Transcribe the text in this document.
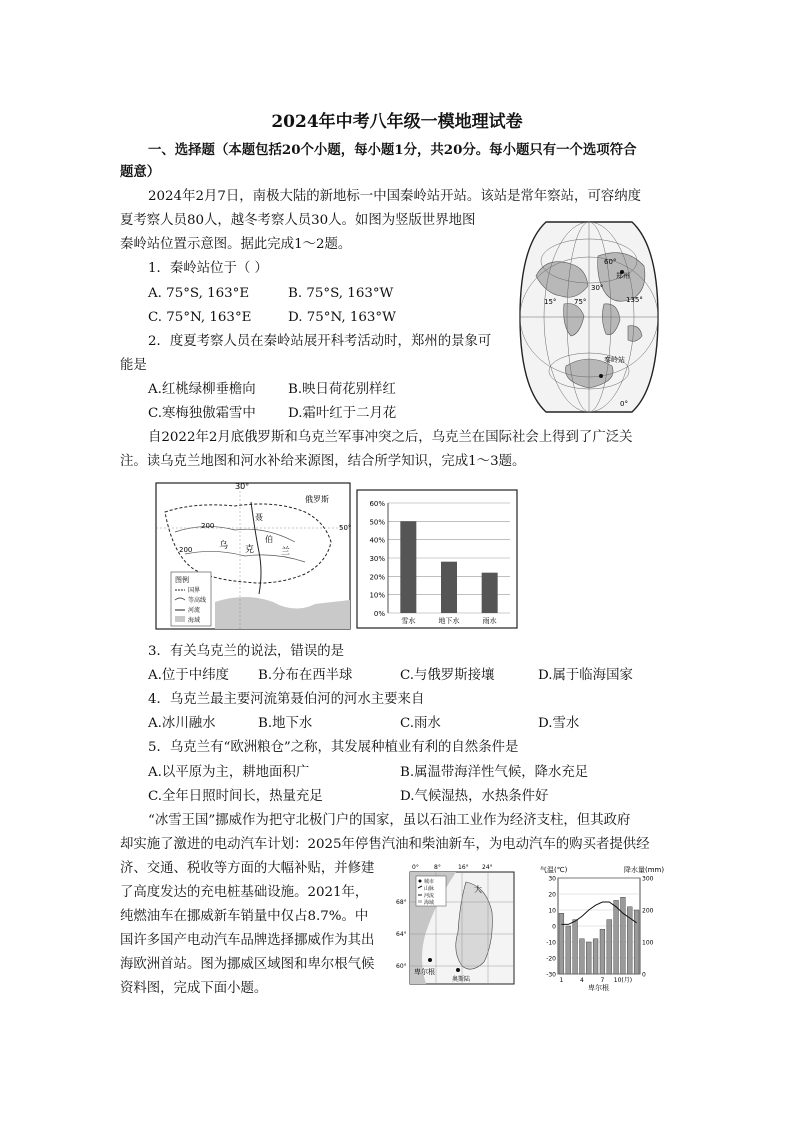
2024年中考八年级一模地理试卷
一、选择题（本题包括20个小题，每小题1分，共20分。每小题只有一个选项符合
题意）
2024年2月7日，南极大陆的新地标一中国秦岭站开站。该站是常年察站，可容纳度
夏考察人员80人，越冬考察人员30人。如图为竖版世界地图
秦岭站位置示意图。据此完成1～2题。
1．秦岭站位于（ ）
A. 75°S, 163°E	B. 75°S, 163°W
C. 75°N, 163°E	D. 75°N, 163°W
2．度夏考察人员在秦岭站展开科考活动时，郑州的景象可
能是
A.红桃绿柳垂檐向 B.映日荷花别样红
C.寒梅独傲霜雪中 D.霜叶红于二月花
60°
郑州
30°
15°	75°	135°
秦岭站
0°
自2022年2月底俄罗斯和乌克兰军事冲突之后，乌克兰在国际社会上得到了广泛关
注。读乌克兰地图和河水补给来源图，结合所学知识，完成1～3题。
30°
俄罗斯
50°
200
乌 克	兰
200
伯
聂
图例
国界
等高线
河流
海域
0%
10%
20%
30%
40%
50%
60%
雪水	地下水	雨水
3．有关乌克兰的说法，错误的是
A.位于中纬度 B.分布在西半球	C.与俄罗斯接壤	D.属于临海国家
4．乌克兰最主要河流第聂伯河的河水主要来自
A.冰川融水	B.地下水	C.雨水	D.雪水
5．乌克兰有“欧洲粮仓”之称，其发展种植业有利的自然条件是
A.以平原为主，耕地面积广	B.属温带海洋性气候，降水充足
C.全年日照时间长，热量充足	D.气候湿热，水热条件好
“冰雪王国”挪威作为把守北极门户的国家，虽以石油工业作为经济支柱，但其政府
却实施了激进的电动汽车计划：2025年停售汽油和柴油新车，为电动汽车的购买者提供经
济、交通、税收等方面的大幅补贴，并修建
了高度发达的充电桩基础设施。2021年，
纯燃油车在挪威新车销量中仅占8.7%。中
国许多国产电动汽车品牌选择挪威作为其出
海欧洲首站。图为挪威区域图和卑尔根气候
资料图，完成下面小题。
城市
山脉
河流
海域
0°	8°	16° 24°
68°
64°
60°
卑尔根
奥斯陆
大
气温(℃)	降水量(mm)
30
20
10
0
-10
-20
-30
300
200
100
0
1	4	7 10(月)
卑尔根
